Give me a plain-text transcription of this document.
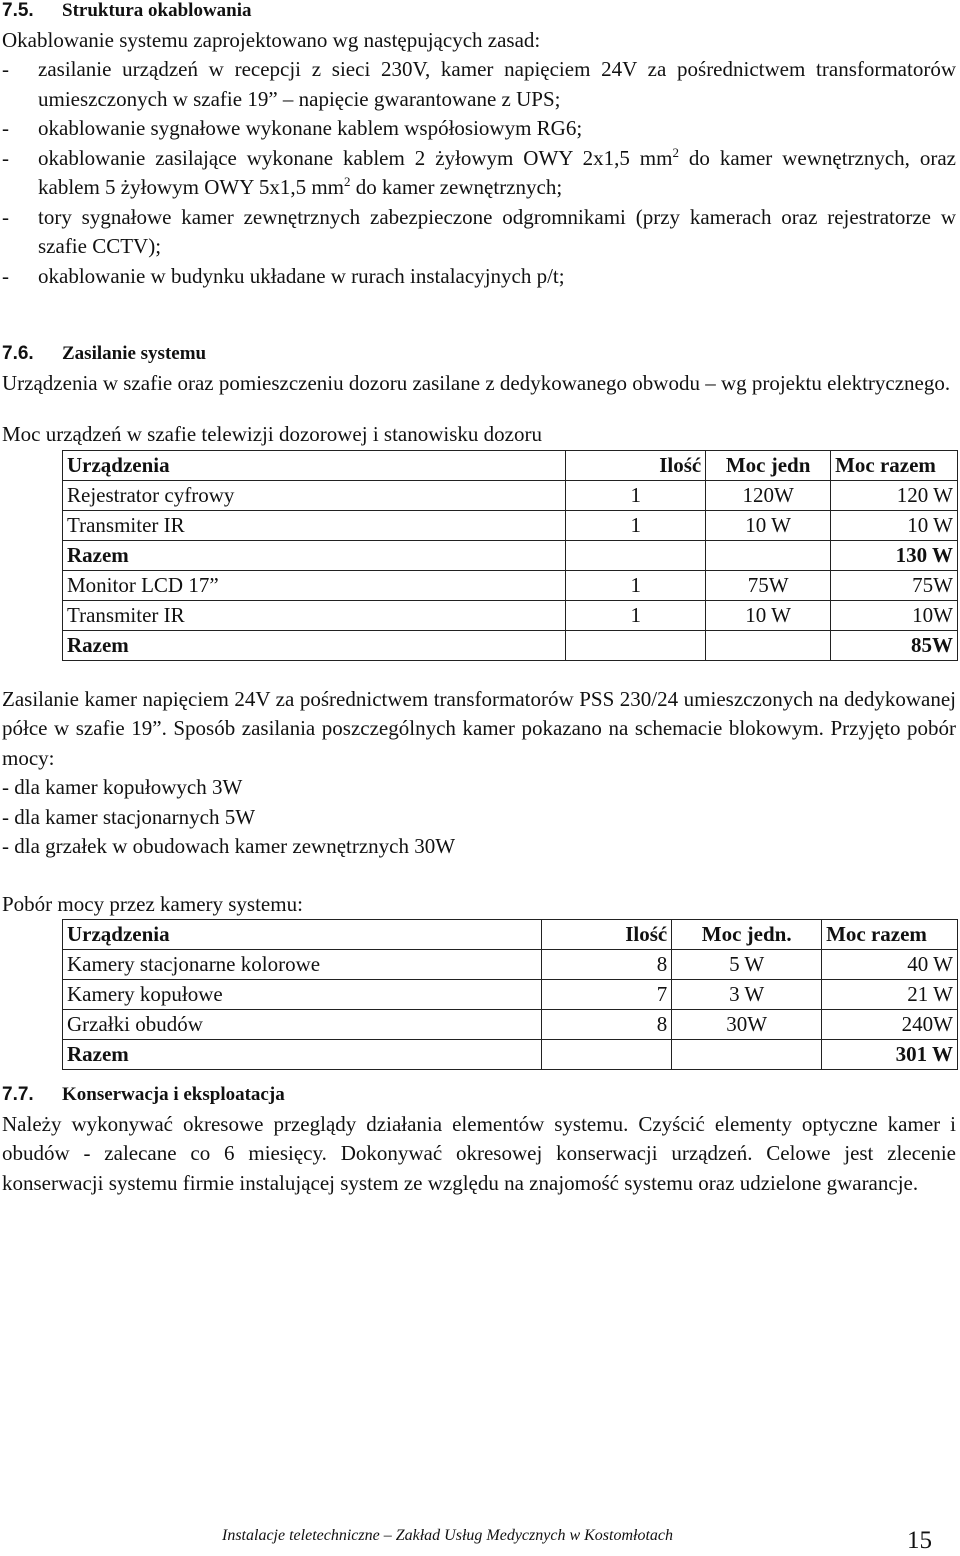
7.5.	Struktura okablowania

Okablowanie systemu zaprojektowano wg następujących zasad:

-	zasilanie urządzeń w recepcji z sieci 230V, kamer napięciem 24V za pośrednictwem transformatorów umieszczonych w szafie 19” – napięcie gwarantowane z UPS;
-	okablowanie sygnałowe wykonane kablem współosiowym RG6;
-	okablowanie zasilające wykonane kablem 2 żyłowym OWY 2x1,5 $mm^2$ do kamer wewnętrznych, oraz kablem 5 żyłowym OWY 5x1,5 $mm^2$ do kamer zewnętrznych;
-	tory sygnałowe kamer zewnętrznych zabezpieczone odgromnikami (przy kamerach oraz rejestratorze w szafie CCTV);
-	okablowanie w budynku układane w rurach instalacyjnych p/t;
7.6.	Zasilanie systemu

Urządzenia w szafie oraz pomieszczeniu dozoru zasilane z dedykowanego obwodu – wg projektu elektrycznego.

Moc urządzeń w szafie telewizji dozorowej i stanowisku dozoru

Urządzenia	Ilość	Moc jedn	Moc razem
Rejestrator cyfrowy	1	120W	120 W
Transmiter IR	1	10 W	10 W
Razem			130 W
Monitor LCD 17”	1	75W	75W
Transmiter IR	1	10 W	10W
Razem			85W

Zasilanie kamer napięciem 24V za pośrednictwem transformatorów PSS 230/24 umieszczonych na dedykowanej półce w szafie 19”. Sposób zasilania poszczególnych kamer pokazano na schemacie blokowym. Przyjęto pobór mocy:

- dla kamer kopułowych 3W

- dla kamer stacjonarnych 5W

- dla grzałek w obudowach kamer zewnętrznych 30W

Pobór mocy przez kamery systemu:

Urządzenia	Ilość	Moc jedn.	Moc razem
Kamery stacjonarne kolorowe	8	5 W	40 W
Kamery kopułowe	7	3 W	21 W
Grzałki obudów	8	30W	240W
Razem			301 W
7.7.	Konserwacja i eksploatacja

Należy wykonywać okresowe przeglądy działania elementów systemu. Czyścić elementy optyczne kamer i obudów - zalecane co 6 miesięcy. Dokonywać okresowej konserwacji urządzeń. Celowe jest zlecenie konserwacji systemu firmie instalującej system ze względu na znajomość systemu oraz udzielone gwarancje.

Instalacje teletechniczne – Zakład Usług Medycznych w Kostomłotach	15
